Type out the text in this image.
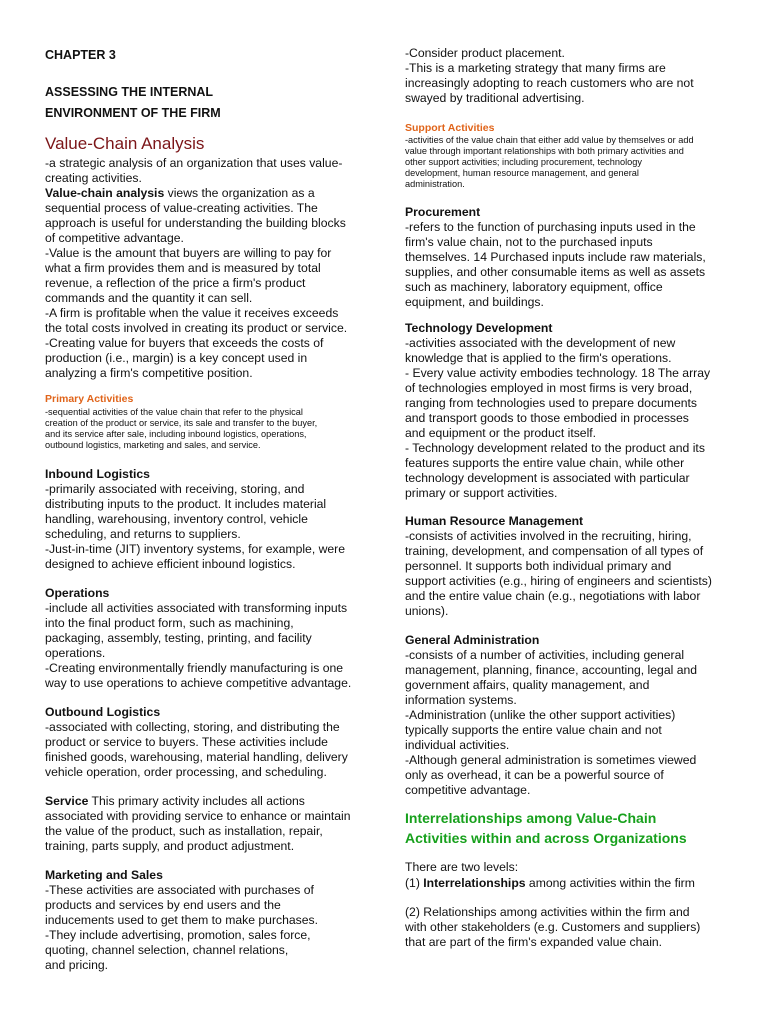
CHAPTER 3
ASSESSING THE INTERNAL
ENVIRONMENT OF THE FIRM
Value-Chain Analysis
-a strategic analysis of an organization that uses value-
creating activities.
Value-chain analysis views the organization as a
sequential process of value-creating activities. The
approach is useful for understanding the building blocks
of competitive advantage.
-Value is the amount that buyers are willing to pay for
what a firm provides them and is measured by total
revenue, a reflection of the price a firm's product
commands and the quantity it can sell.
-A firm is profitable when the value it receives exceeds
the total costs involved in creating its product or service.
-Creating value for buyers that exceeds the costs of
production (i.e., margin) is a key concept used in
analyzing a firm's competitive position.
Primary Activities
-sequential activities of the value chain that refer to the physical
creation of the product or service, its sale and transfer to the buyer,
and its service after sale, including inbound logistics, operations,
outbound logistics, marketing and sales, and service.
Inbound Logistics
-primarily associated with receiving, storing, and
distributing inputs to the product. It includes material
handling, warehousing, inventory control, vehicle
scheduling, and returns to suppliers.
-Just-in-time (JIT) inventory systems, for example, were
designed to achieve efficient inbound logistics.
Operations
-include all activities associated with transforming inputs
into the final product form, such as machining,
packaging, assembly, testing, printing, and facility
operations.
-Creating environmentally friendly manufacturing is one
way to use operations to achieve competitive advantage.
Outbound Logistics
-associated with collecting, storing, and distributing the
product or service to buyers. These activities include
finished goods, warehousing, material handling, delivery
vehicle operation, order processing, and scheduling.
Service This primary activity includes all actions
associated with providing service to enhance or maintain
the value of the product, such as installation, repair,
training, parts supply, and product adjustment.
Marketing and Sales
-These activities are associated with purchases of
products and services by end users and the
inducements used to get them to make purchases.
-They include advertising, promotion, sales force,
quoting, channel selection, channel relations,
and pricing.
-Consider product placement.
-This is a marketing strategy that many firms are
increasingly adopting to reach customers who are not
swayed by traditional advertising.
Support Activities
-activities of the value chain that either add value by themselves or add
value through important relationships with both primary activities and
other support activities; including procurement, technology
development, human resource management, and general
administration.
Procurement
-refers to the function of purchasing inputs used in the
firm's value chain, not to the purchased inputs
themselves. 14 Purchased inputs include raw materials,
supplies, and other consumable items as well as assets
such as machinery, laboratory equipment, office
equipment, and buildings.
Technology Development
-activities associated with the development of new
knowledge that is applied to the firm's operations.
- Every value activity embodies technology. 18 The array
of technologies employed in most firms is very broad,
ranging from technologies used to prepare documents
and transport goods to those embodied in processes
and equipment or the product itself.
- Technology development related to the product and its
features supports the entire value chain, while other
technology development is associated with particular
primary or support activities.
Human Resource Management
-consists of activities involved in the recruiting, hiring,
training, development, and compensation of all types of
personnel. It supports both individual primary and
support activities (e.g., hiring of engineers and scientists)
and the entire value chain (e.g., negotiations with labor
unions).
General Administration
-consists of a number of activities, including general
management, planning, finance, accounting, legal and
government affairs, quality management, and
information systems.
-Administration (unlike the other support activities)
typically supports the entire value chain and not
individual activities.
-Although general administration is sometimes viewed
only as overhead, it can be a powerful source of
competitive advantage.
Interrelationships among Value-Chain
Activities within and across Organizations
There are two levels:
(1) Interrelationships among activities within the firm
(2) Relationships among activities within the firm and
with other stakeholders (e.g. Customers and suppliers)
that are part of the firm's expanded value chain.
